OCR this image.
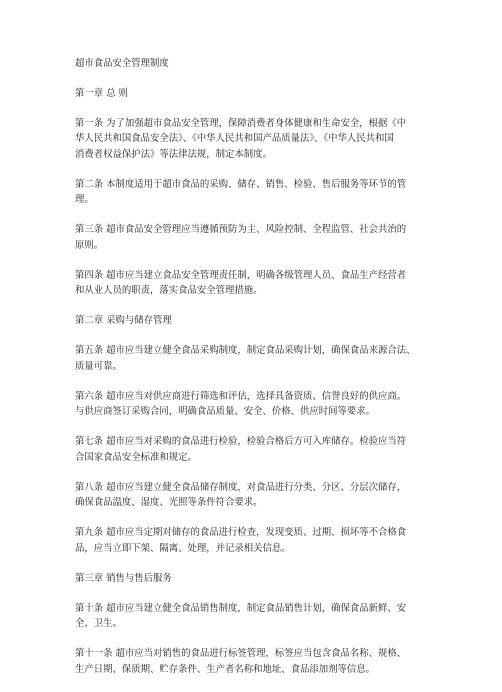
超市食品安全管理制度

第一章 总 则

第一条 为了加强超市食品安全管理，保障消费者身体健康和生命安全，根据《中
华人民共和国食品安全法》、《中华人民共和国产品质量法》、《中华人民共和国
消费者权益保护法》等法律法规，制定本制度。

第二条 本制度适用于超市食品的采购、储存、销售、检验、售后服务等环节的管
理。

第三条 超市食品安全管理应当遵循预防为主、风险控制、全程监管、社会共治的
原则。

第四条 超市应当建立食品安全管理责任制，明确各级管理人员、食品生产经营者
和从业人员的职责，落实食品安全管理措施。

第二章 采购与储存管理

第五条 超市应当建立健全食品采购制度，制定食品采购计划，确保食品来源合法、
质量可靠。

第六条 超市应当对供应商进行筛选和评估，选择具备资质、信誉良好的供应商。
与供应商签订采购合同，明确食品质量、安全、价格、供应时间等要求。

第七条 超市应当对采购的食品进行检验，检验合格后方可入库储存。检验应当符
合国家食品安全标准和规定。

第八条 超市应当建立健全食品储存制度，对食品进行分类、分区、分层次储存，
确保食品温度、湿度、光照等条件符合要求。

第九条 超市应当定期对储存的食品进行检查，发现变质、过期、损坏等不合格食
品，应当立即下架、隔离、处理，并记录相关信息。

第三章 销售与售后服务

第十条 超市应当建立健全食品销售制度，制定食品销售计划，确保食品新鲜、安
全、卫生。

第十一条 超市应当对销售的食品进行标签管理，标签应当包含食品名称、规格、
生产日期、保质期、贮存条件、生产者名称和地址、食品添加剂等信息。
